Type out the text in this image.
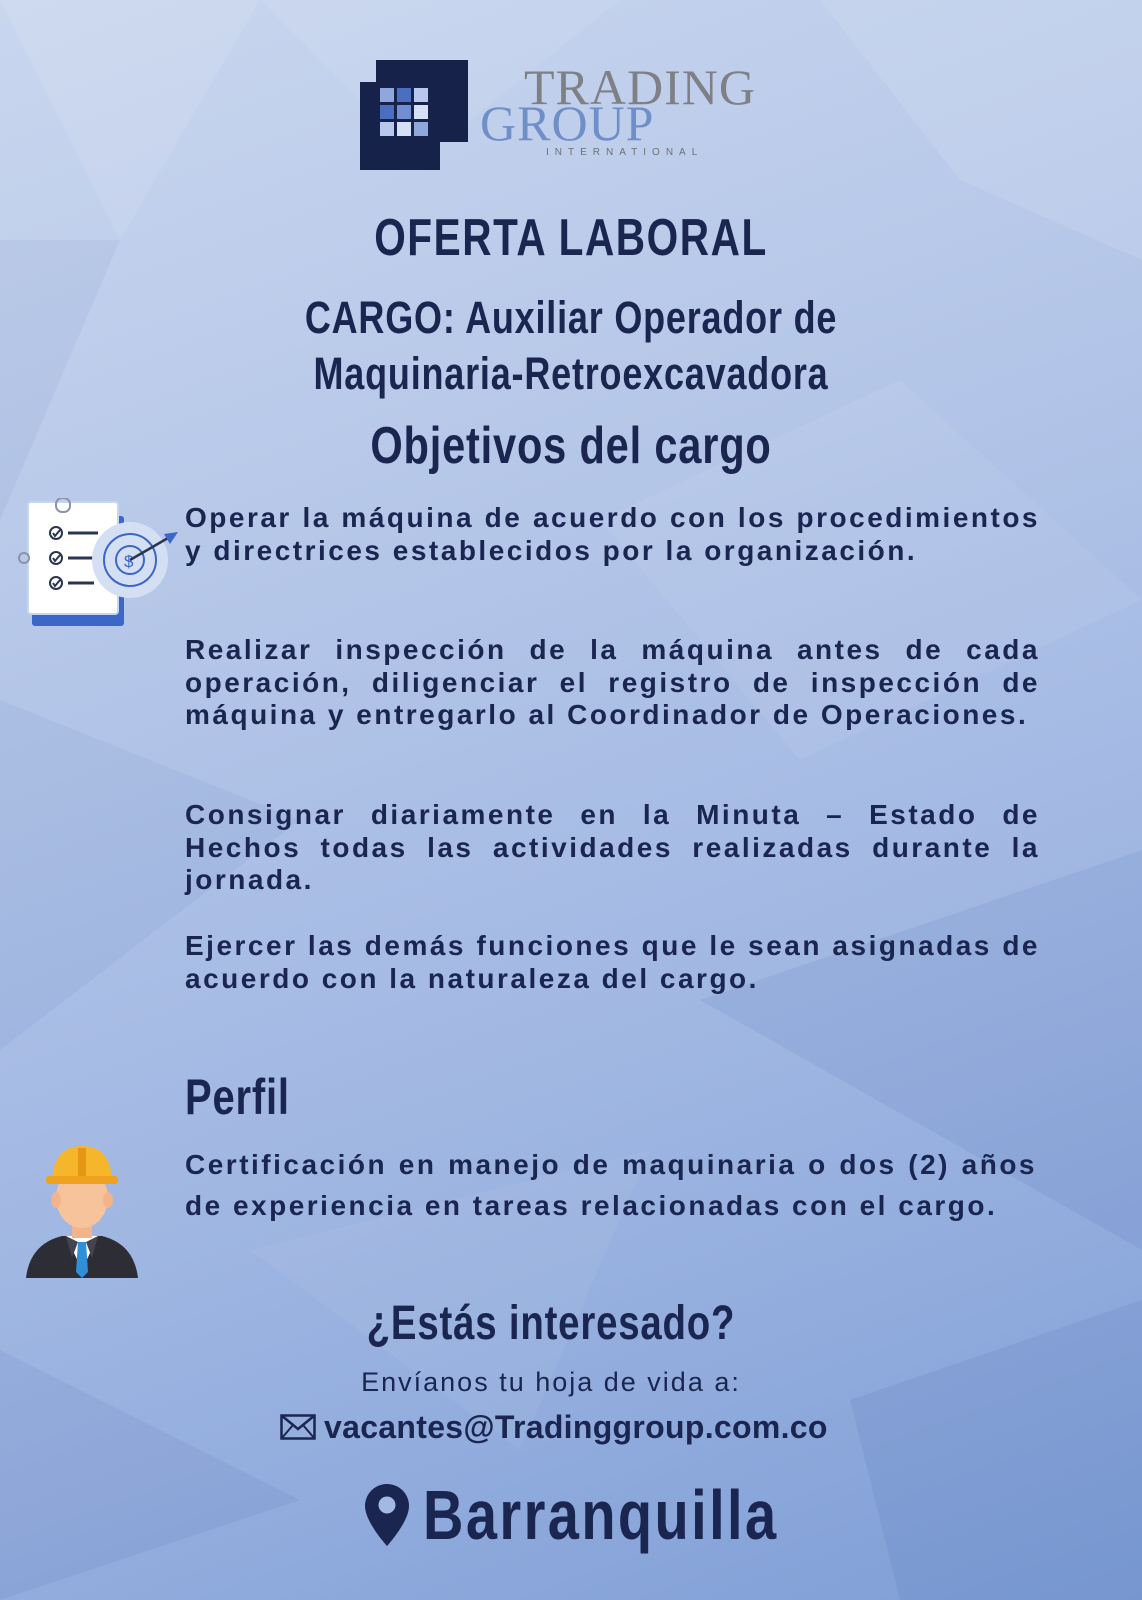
TRADING
GROUP
INTERNATIONAL
OFERTA LABORAL
CARGO: Auxiliar Operador de
Maquinaria-Retroexcavadora
Objetivos del cargo
$
Operar la máquina de acuerdo con los procedimientos y directrices establecidos por la organización.
Realizar inspección de la máquina antes de cada operación, diligenciar el registro de inspección de máquina y entregarlo al Coordinador de Operaciones.
Consignar diariamente en la Minuta – Estado de Hechos todas las actividades realizadas durante la jornada.
Ejercer las demás funciones que le sean asignadas de acuerdo con la naturaleza del cargo.
Perfil
Certificación en manejo de maquinaria o dos (2) años de experiencia en tareas relacionadas con el cargo.
¿Estás interesado?
Envíanos tu hoja de vida a:
vacantes@Tradinggroup.com.co
Barranquilla
